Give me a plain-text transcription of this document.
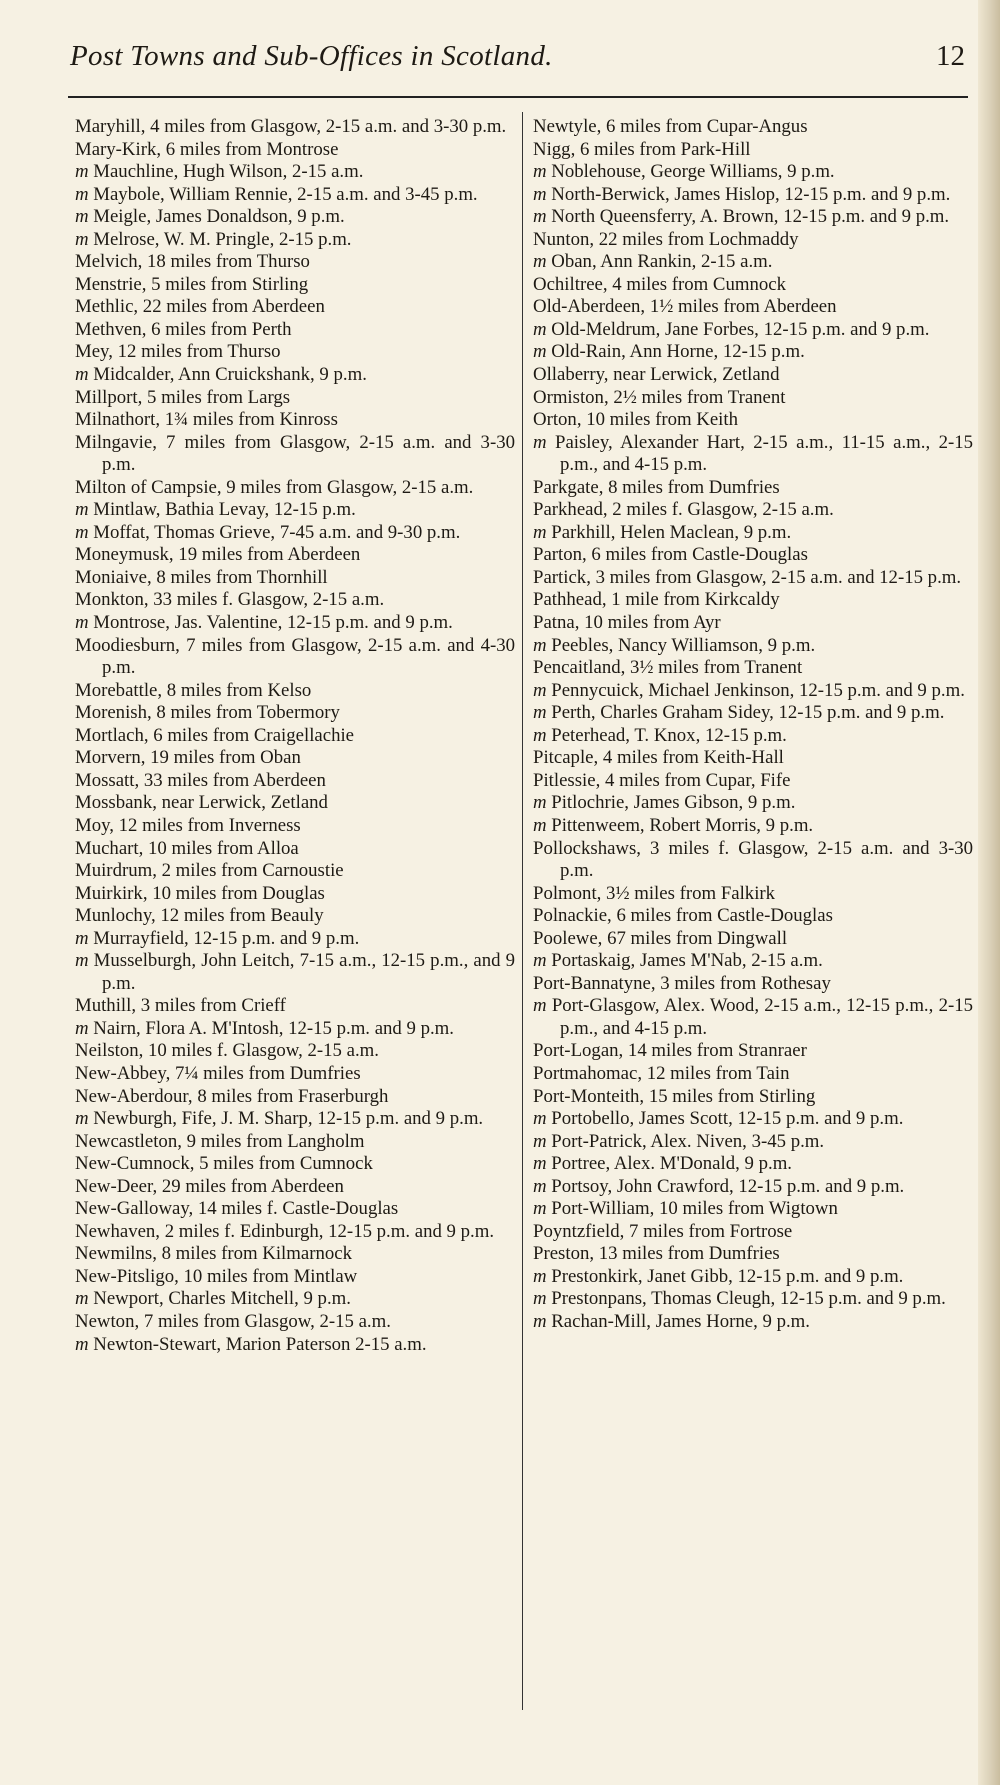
Post Towns and Sub-Offices in Scotland.	12

Maryhill, 4 miles from Glasgow, 2-15 a.m. and 3-30 p.m.

Mary-Kirk, 6 miles from Montrose

m Mauchline, Hugh Wilson, 2-15 a.m.

m Maybole, William Rennie, 2-15 a.m. and 3-45 p.m.

m Meigle, James Donaldson, 9 p.m.

m Melrose, W. M. Pringle, 2-15 p.m.

Melvich, 18 miles from Thurso

Menstrie, 5 miles from Stirling

Methlic, 22 miles from Aberdeen

Methven, 6 miles from Perth

Mey, 12 miles from Thurso

m Midcalder, Ann Cruickshank, 9 p.m.

Millport, 5 miles from Largs

Milnathort, 1¾ miles from Kinross

Milngavie, 7 miles from Glasgow, 2-15 a.m. and 3-30 p.m.

Milton of Campsie, 9 miles from Glasgow, 2-15 a.m.

m Mintlaw, Bathia Levay, 12-15 p.m.

m Moffat, Thomas Grieve, 7-45 a.m. and 9-30 p.m.

Moneymusk, 19 miles from Aberdeen

Moniaive, 8 miles from Thornhill

Monkton, 33 miles f. Glasgow, 2-15 a.m.

m Montrose, Jas. Valentine, 12-15 p.m. and 9 p.m.

Moodiesburn, 7 miles from Glasgow, 2-15 a.m. and 4-30 p.m.

Morebattle, 8 miles from Kelso

Morenish, 8 miles from Tobermory

Mortlach, 6 miles from Craigellachie

Morvern, 19 miles from Oban

Mossatt, 33 miles from Aberdeen

Mossbank, near Lerwick, Zetland

Moy, 12 miles from Inverness

Muchart, 10 miles from Alloa

Muirdrum, 2 miles from Carnoustie

Muirkirk, 10 miles from Douglas

Munlochy, 12 miles from Beauly

m Murrayfield, 12-15 p.m. and 9 p.m.

m Musselburgh, John Leitch, 7-15 a.m., 12-15 p.m., and 9 p.m.

Muthill, 3 miles from Crieff

m Nairn, Flora A. M'Intosh, 12-15 p.m. and 9 p.m.

Neilston, 10 miles f. Glasgow, 2-15 a.m.

New-Abbey, 7¼ miles from Dumfries

New-Aberdour, 8 miles from Fraserburgh

m Newburgh, Fife, J. M. Sharp, 12-15 p.m. and 9 p.m.

Newcastleton, 9 miles from Langholm

New-Cumnock, 5 miles from Cumnock

New-Deer, 29 miles from Aberdeen

New-Galloway, 14 miles f. Castle-Douglas

Newhaven, 2 miles f. Edinburgh, 12-15 p.m. and 9 p.m.

Newmilns, 8 miles from Kilmarnock

New-Pitsligo, 10 miles from Mintlaw

m Newport, Charles Mitchell, 9 p.m.

Newton, 7 miles from Glasgow, 2-15 a.m.

m Newton-Stewart, Marion Paterson 2-15 a.m.

Newtyle, 6 miles from Cupar-Angus

Nigg, 6 miles from Park-Hill

m Noblehouse, George Williams, 9 p.m.

m North-Berwick, James Hislop, 12-15 p.m. and 9 p.m.

m North Queensferry, A. Brown, 12-15 p.m. and 9 p.m.

Nunton, 22 miles from Lochmaddy

m Oban, Ann Rankin, 2-15 a.m.

Ochiltree, 4 miles from Cumnock

Old-Aberdeen, 1½ miles from Aberdeen

m Old-Meldrum, Jane Forbes, 12-15 p.m. and 9 p.m.

m Old-Rain, Ann Horne, 12-15 p.m.

Ollaberry, near Lerwick, Zetland

Ormiston, 2½ miles from Tranent

Orton, 10 miles from Keith

m Paisley, Alexander Hart, 2-15 a.m., 11-15 a.m., 2-15 p.m., and 4-15 p.m.

Parkgate, 8 miles from Dumfries

Parkhead, 2 miles f. Glasgow, 2-15 a.m.

m Parkhill, Helen Maclean, 9 p.m.

Parton, 6 miles from Castle-Douglas

Partick, 3 miles from Glasgow, 2-15 a.m. and 12-15 p.m.

Pathhead, 1 mile from Kirkcaldy

Patna, 10 miles from Ayr

m Peebles, Nancy Williamson, 9 p.m.

Pencaitland, 3½ miles from Tranent

m Pennycuick, Michael Jenkinson, 12-15 p.m. and 9 p.m.

m Perth, Charles Graham Sidey, 12-15 p.m. and 9 p.m.

m Peterhead, T. Knox, 12-15 p.m.

Pitcaple, 4 miles from Keith-Hall

Pitlessie, 4 miles from Cupar, Fife

m Pitlochrie, James Gibson, 9 p.m.

m Pittenweem, Robert Morris, 9 p.m.

Pollockshaws, 3 miles f. Glasgow, 2-15 a.m. and 3-30 p.m.

Polmont, 3½ miles from Falkirk

Polnackie, 6 miles from Castle-Douglas

Poolewe, 67 miles from Dingwall

m Portaskaig, James M'Nab, 2-15 a.m.

Port-Bannatyne, 3 miles from Rothesay

m Port-Glasgow, Alex. Wood, 2-15 a.m., 12-15 p.m., 2-15 p.m., and 4-15 p.m.

Port-Logan, 14 miles from Stranraer

Portmahomac, 12 miles from Tain

Port-Monteith, 15 miles from Stirling

m Portobello, James Scott, 12-15 p.m. and 9 p.m.

m Port-Patrick, Alex. Niven, 3-45 p.m.

m Portree, Alex. M'Donald, 9 p.m.

m Portsoy, John Crawford, 12-15 p.m. and 9 p.m.

m Port-William, 10 miles from Wigtown

Poyntzfield, 7 miles from Fortrose

Preston, 13 miles from Dumfries

m Prestonkirk, Janet Gibb, 12-15 p.m. and 9 p.m.

m Prestonpans, Thomas Cleugh, 12-15 p.m. and 9 p.m.

m Rachan-Mill, James Horne, 9 p.m.
